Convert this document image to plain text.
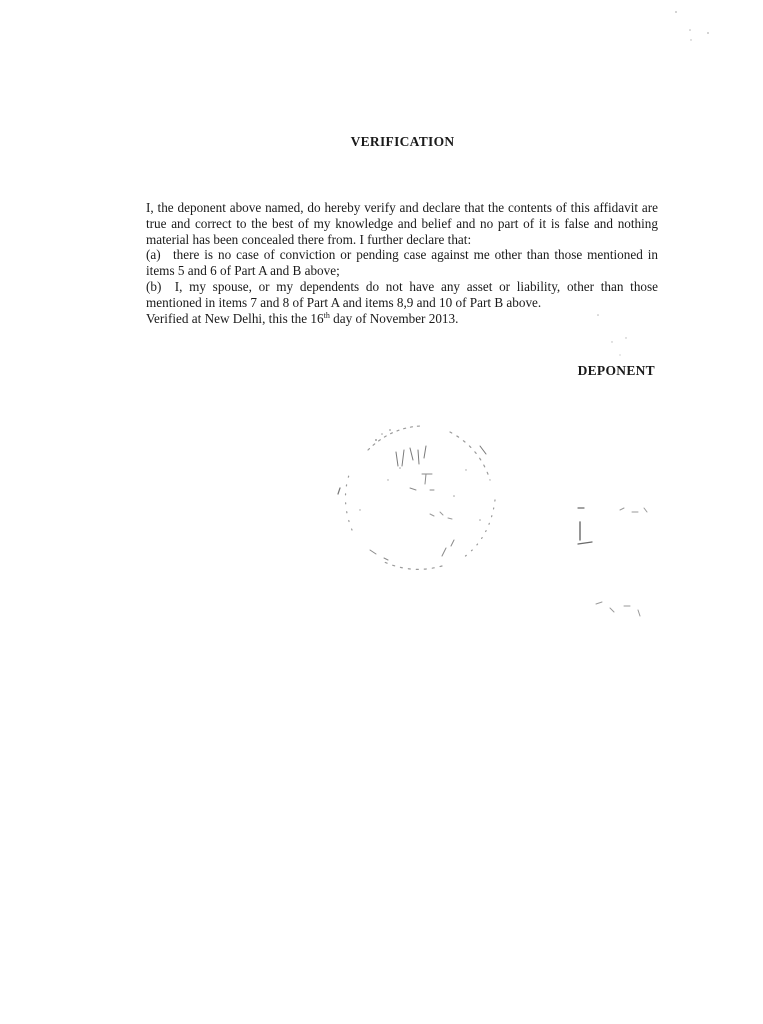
VERIFICATION

I, the deponent above named, do hereby verify and declare that the contents of this affidavit are true and correct to the best of my knowledge and belief and no part of it is false and nothing material has been concealed there from. I further declare that:

(a) there is no case of conviction or pending case against me other than those mentioned in items 5 and 6 of Part A and B above;

(b) I, my spouse, or my dependents do not have any asset or liability, other than those mentioned in items 7 and 8 of Part A and items 8,9 and 10 of Part B above.

Verified at New Delhi, this the 16th day of November 2013.

DEPONENT
